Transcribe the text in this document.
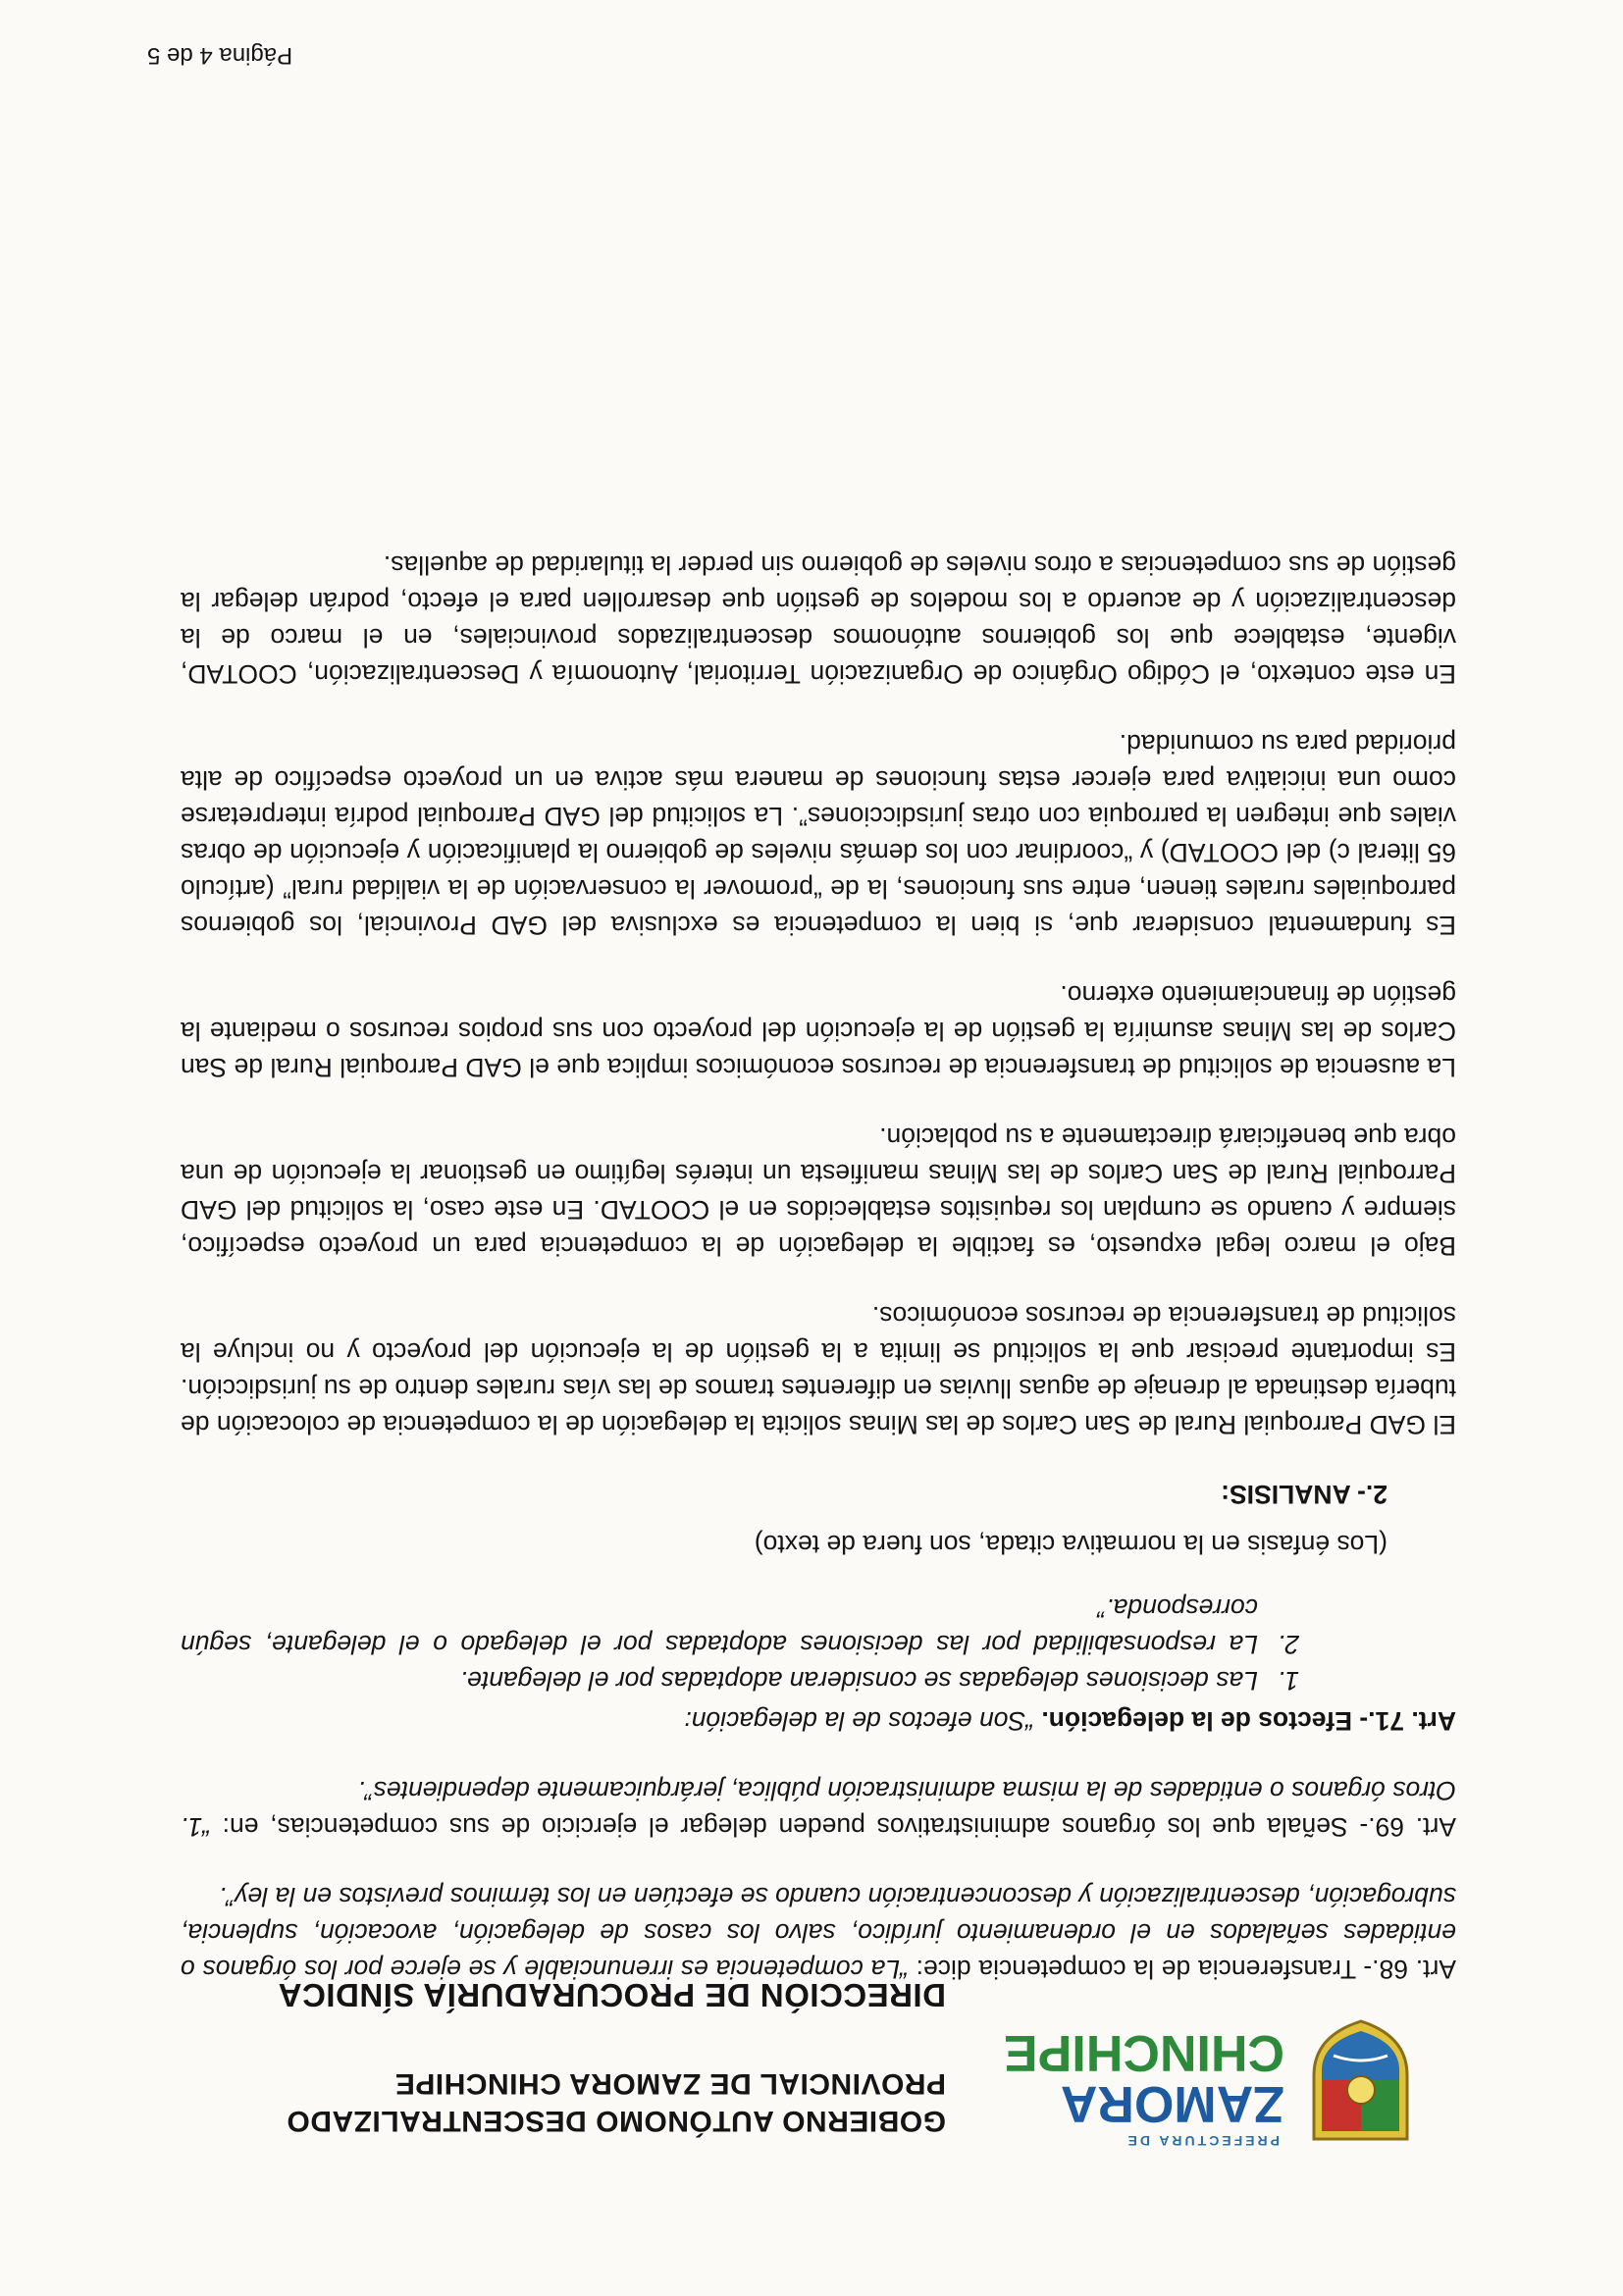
PREFECTURA DE
ZAMORA
CHINCHIPE
GOBIERNO AUTÓNOMO DESCENTRALIZADO
PROVINCIAL DE ZAMORA CHINCHIPE
DIRECCIÓN DE PROCURADURÍA SÍNDICA

Art. 68.- Transferencia de la competencia dice: “La competencia es irrenunciable y se ejerce por los órganos o entidades señalados en el ordenamiento jurídico, salvo los casos de delegación, avocación, suplencia, subrogación, descentralización y desconcentración cuando se efectúen en los términos previstos en la ley”.

Art. 69.- Señala que los órganos administrativos pueden delegar el ejercicio de sus competencias, en: “1. Otros órganos o entidades de la misma administración pública, jerárquicamente dependientes”.

Art. 71.- Efectos de la delegación. “Son efectos de la delegación:

1.
Las decisiones delegadas se consideran adoptadas por el delegante.
2.
La responsabilidad por las decisiones adoptadas por el delegado o el delegante, según corresponda.”

(Los énfasis en la normativa citada, son fuera de texto)

2.- ANALISIS:

El GAD Parroquial Rural de San Carlos de las Minas solicita la delegación de la competencia de colocación de tubería destinada al drenaje de aguas lluvias en diferentes tramos de las vías rurales dentro de su jurisdicción. Es importante precisar que la solicitud se limita a la gestión de la ejecución del proyecto y no incluye la solicitud de transferencia de recursos económicos.

Bajo el marco legal expuesto, es factible la delegación de la competencia para un proyecto específico, siempre y cuando se cumplan los requisitos establecidos en el COOTAD. En este caso, la solicitud del GAD Parroquial Rural de San Carlos de las Minas manifiesta un interés legítimo en gestionar la ejecución de una obra que beneficiará directamente a su población.

La ausencia de solicitud de transferencia de recursos económicos implica que el GAD Parroquial Rural de San Carlos de las Minas asumiría la gestión de la ejecución del proyecto con sus propios recursos o mediante la gestión de financiamiento externo.

Es fundamental considerar que, si bien la competencia es exclusiva del GAD Provincial, los gobiernos parroquiales rurales tienen, entre sus funciones, la de “promover la conservación de la vialidad rural” (artículo 65 literal c) del COOTAD) y “coordinar con los demás niveles de gobierno la planificación y ejecución de obras viales que integren la parroquia con otras jurisdicciones”. La solicitud del GAD Parroquial podría interpretarse como una iniciativa para ejercer estas funciones de manera más activa en un proyecto específico de alta prioridad para su comunidad.

En este contexto, el Código Orgánico de Organización Territorial, Autonomía y Descentralización, COOTAD, vigente, establece que los gobiernos autónomos descentralizados provinciales, en el marco de la descentralización y de acuerdo a los modelos de gestión que desarrollen para el efecto, podrán delegar la gestión de sus competencias a otros niveles de gobierno sin perder la titularidad de aquellas.

Página 4 de 5
